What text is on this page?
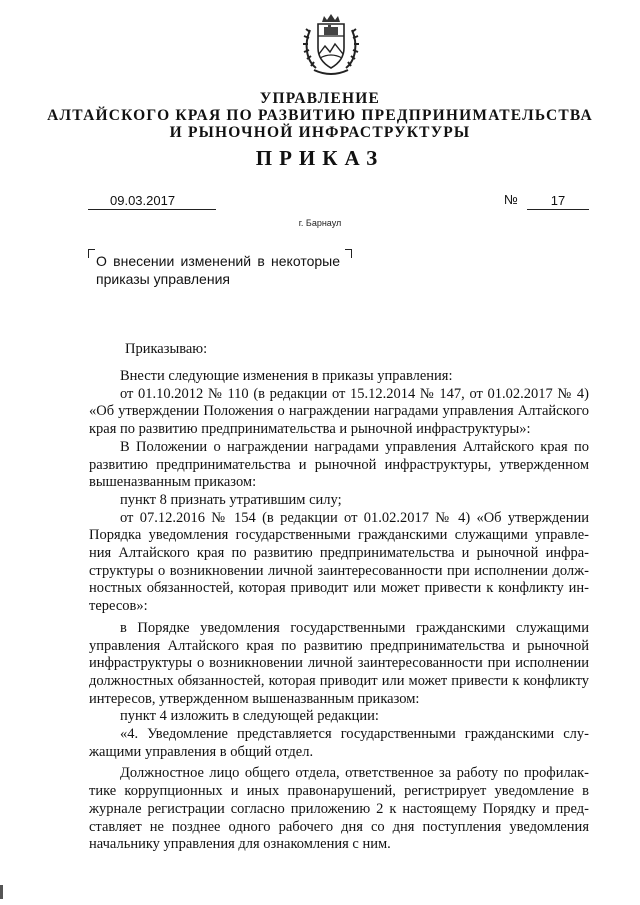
УПРАВЛЕНИЕ
АЛТАЙСКОГО КРАЯ ПО РАЗВИТИЮ ПРЕДПРИНИМАТЕЛЬСТВА
И РЫНОЧНОЙ ИНФРАСТРУКТУРЫ
ПРИКАЗ
09.03.2017	№	17
г. Барнаул
О внесении изменений в некоторые
приказы управления
Приказываю:
Внести следующие изменения в приказы управления:
от 01.10.2012 № 110 (в редакции от 15.12.2014 № 147, от 01.02.2017 № 4)
«Об утверждении Положения о награждении наградами управления Алтайского
края по развитию предпринимательства и рыночной инфраструктуры»:
В Положении о награждении наградами управления Алтайского края по
развитию предпринимательства и рыночной инфраструктуры, утвержденном
вышеназванным приказом:
пункт 8 признать утратившим силу;
от 07.12.2016 № 154 (в редакции от 01.02.2017 № 4) «Об утверждении
Порядка уведомления государственными гражданскими служащими управле-
ния Алтайского края по развитию предпринимательства и рыночной инфра-
структуры о возникновении личной заинтересованности при исполнении долж-
ностных обязанностей, которая приводит или может привести к конфликту ин-
тересов»:
в Порядке уведомления государственными гражданскими служащими
управления Алтайского края по развитию предпринимательства и рыночной
инфраструктуры о возникновении личной заинтересованности при исполнении
должностных обязанностей, которая приводит или может привести к конфликту
интересов, утвержденном вышеназванным приказом:
пункт 4 изложить в следующей редакции:
«4. Уведомление представляется государственными гражданскими слу-
жащими управления в общий отдел.
Должностное лицо общего отдела, ответственное за работу по профилак-
тике коррупционных и иных правонарушений, регистрирует уведомление в
журнале регистрации согласно приложению 2 к настоящему Порядку и пред-
ставляет не позднее одного рабочего дня со дня поступления уведомления
начальнику управления для ознакомления с ним.
